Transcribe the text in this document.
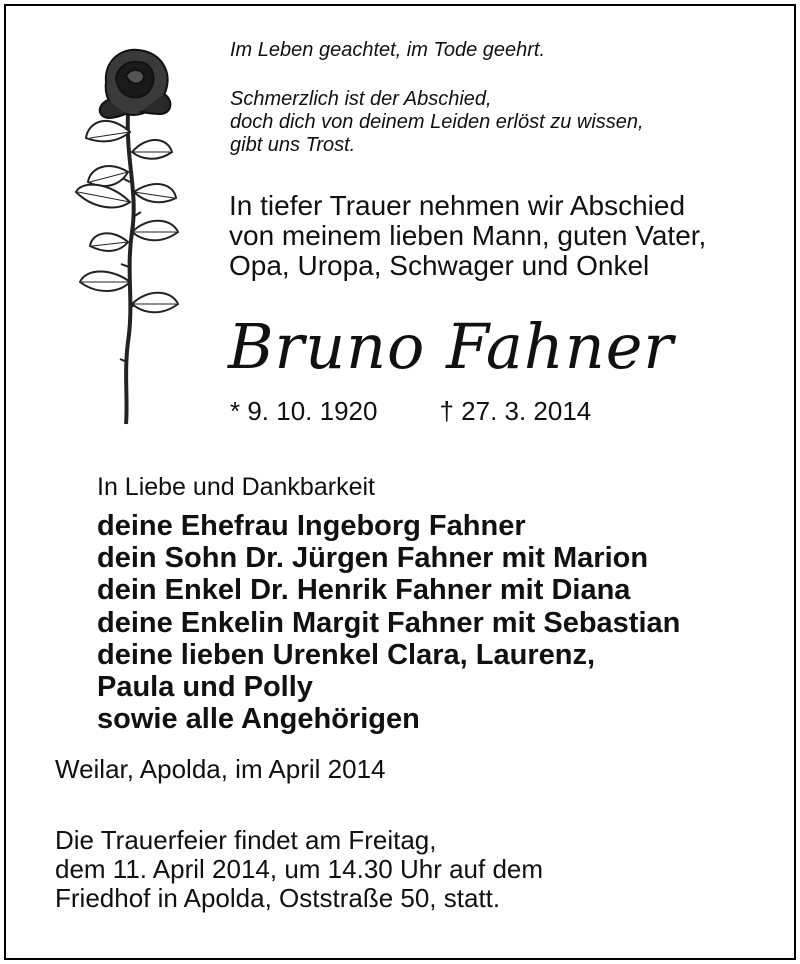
Im Leben geachtet, im Tode geehrt.

Schmerzlich ist der Abschied,
doch dich von deinem Leiden erlöst zu wissen,
gibt uns Trost.
In tiefer Trauer nehmen wir Abschied
von meinem lieben Mann, guten Vater,
Opa, Uropa, Schwager und Onkel
Bruno Fahner
* 9. 10. 1920 † 27. 3. 2014
In Liebe und Dankbarkeit
deine Ehefrau Ingeborg Fahner
dein Sohn Dr. Jürgen Fahner mit Marion
dein Enkel Dr. Henrik Fahner mit Diana
deine Enkelin Margit Fahner mit Sebastian
deine lieben Urenkel Clara, Laurenz,
Paula und Polly
sowie alle Angehörigen
Weilar, Apolda, im April 2014
Die Trauerfeier findet am Freitag,
dem 11. April 2014, um 14.30 Uhr auf dem
Friedhof in Apolda, Oststraße 50, statt.
